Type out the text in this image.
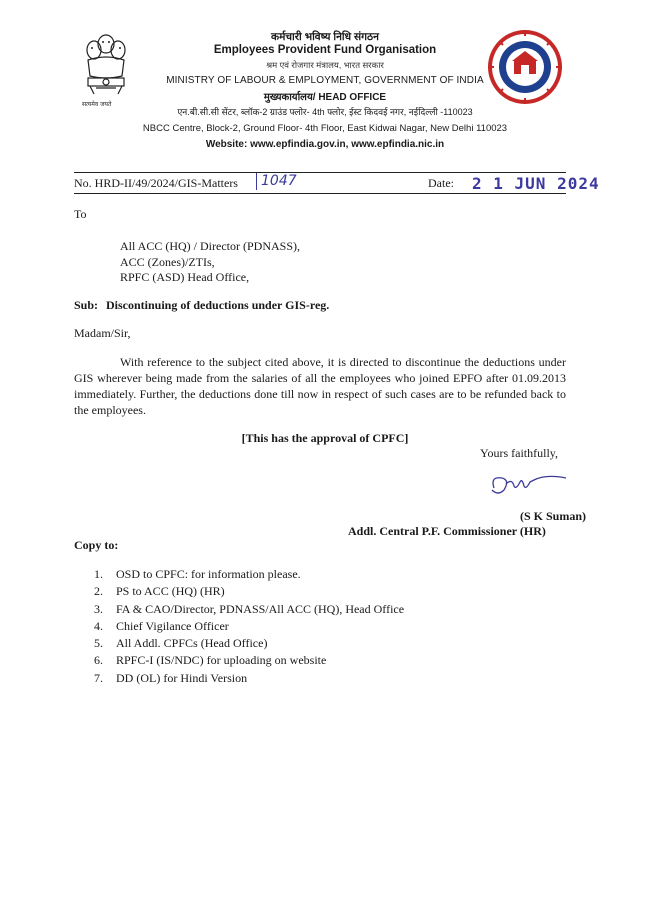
सत्यमेव जयते
कर्मचारी भविष्य निधि संगठन
Employees Provident Fund Organisation
श्रम एवं रोजगार मंत्रालय, भारत सरकार
MINISTRY OF LABOUR & EMPLOYMENT, GOVERNMENT OF INDIA
मुख्यकार्यालय/ HEAD OFFICE
एन.बी.सी.सी सेंटर, ब्लॉक-2 ग्राउंड फ्लोर- 4th फ्लोर, ईस्ट किदवई नगर, नईदिल्ली -110023
NBCC Centre, Block-2, Ground Floor- 4th Floor, East Kidwai Nagar, New Delhi 110023
Website: www.epfindia.gov.in, www.epfindia.nic.in
No. HRD-II/49/2024/GIS-Matters	1047	Date: 2 1 JUN 2024
To
All ACC (HQ) / Director (PDNASS),
ACC (Zones)/ZTIs,
RPFC (ASD) Head Office,
Sub: Discontinuing of deductions under GIS-reg.
Madam/Sir,
With reference to the subject cited above, it is directed to discontinue the deductions under GIS wherever being made from the salaries of all the employees who joined EPFO after 01.09.2013 immediately. Further, the deductions done till now in respect of such cases are to be refunded back to the employees.
[This has the approval of CPFC]
Yours faithfully,
(S K Suman)
Addl. Central P.F. Commissioner (HR)
Copy to:
1. OSD to CPFC: for information please.
2. PS to ACC (HQ) (HR)
3. FA & CAO/Director, PDNASS/All ACC (HQ), Head Office
4. Chief Vigilance Officer
5. All Addl. CPFCs (Head Office)
6. RPFC-I (IS/NDC) for uploading on website
7. DD (OL) for Hindi Version
